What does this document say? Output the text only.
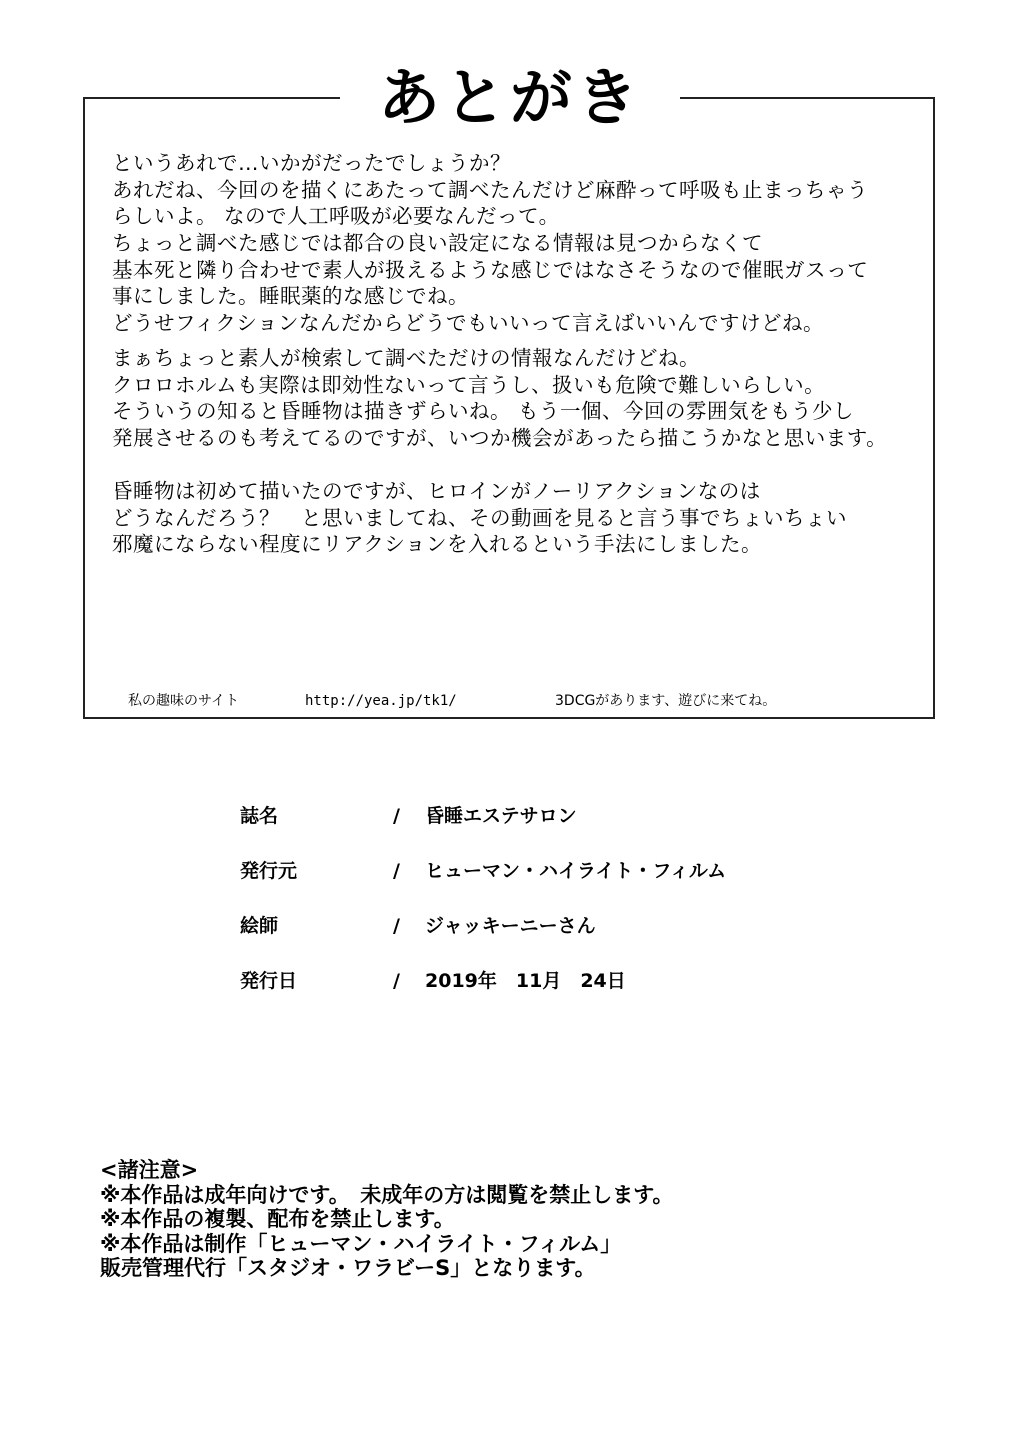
あとがき
というあれで…いかがだったでしょうか？
あれだね、今回のを描くにあたって調べたんだけど麻酔って呼吸も止まっちゃう
らしいよ。 なので人工呼吸が必要なんだって。
ちょっと調べた感じでは都合の良い設定になる情報は見つからなくて
基本死と隣り合わせで素人が扱えるような感じではなさそうなので催眠ガスって
事にしました。睡眠薬的な感じでね。
どうせフィクションなんだからどうでもいいって言えばいいんですけどね。
まぁちょっと素人が検索して調べただけの情報なんだけどね。
クロロホルムも実際は即効性ないって言うし、扱いも危険で難しいらしい。
そういうの知ると昏睡物は描きずらいね。 もう一個、今回の雰囲気をもう少し
発展させるのも考えてるのですが、いつか機会があったら描こうかなと思います。
昏睡物は初めて描いたのですが、ヒロインがノーリアクションなのは
どうなんだろう？　と思いましてね、その動画を見ると言う事でちょいちょい
邪魔にならない程度にリアクションを入れるという手法にしました。
私の趣味のサイト	http://yea.jp/tk1/	3DCGがあります、遊びに来てね。
誌名	/ 昏睡エステサロン
発行元	/ ヒューマン・ハイライト・フィルム
絵師	/ ジャッキーニーさん
発行日	/ 2019年　11月　24日
<諸注意>
※本作品は成年向けです。　未成年の方は閲覧を禁止します。
※本作品の複製、配布を禁止します。
※本作品は制作「ヒューマン・ハイライト・フィルム」
販売管理代行「スタジオ・ワラビーS」となります。
